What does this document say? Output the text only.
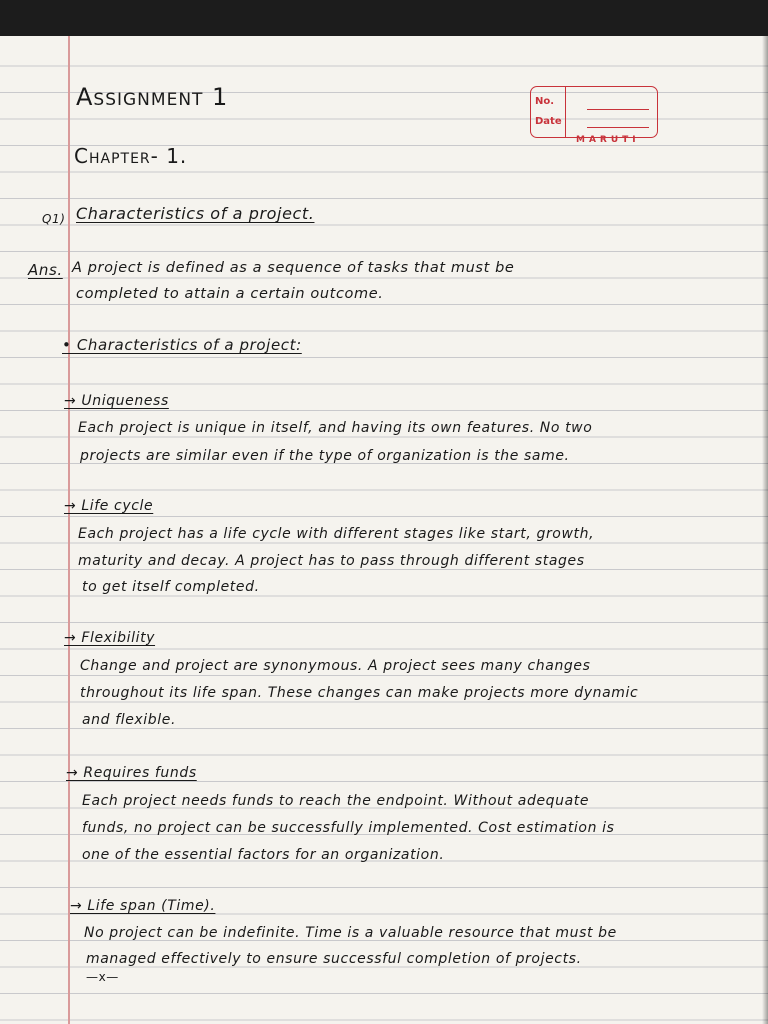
No.
Date
MARUTI
Assignment 1
Chapter- 1.
Q1) Characteristics of a project.
Ans. A project is defined as a sequence of tasks that must be
completed to attain a certain outcome.
• Characteristics of a project:
→ Uniqueness
Each project is unique in itself, and having its own features. No two
projects are similar even if the type of organization is the same.
→ Life cycle
Each project has a life cycle with different stages like start, growth,
maturity and decay. A project has to pass through different stages
to get itself completed.
→ Flexibility
Change and project are synonymous. A project sees many changes
throughout its life span. These changes can make projects more dynamic
and flexible.
→ Requires funds
Each project needs funds to reach the endpoint. Without adequate
funds, no project can be successfully implemented. Cost estimation is
one of the essential factors for an organization.
→ Life span (Time).
No project can be indefinite. Time is a valuable resource that must be
managed effectively to ensure successful completion of projects.
—x—
